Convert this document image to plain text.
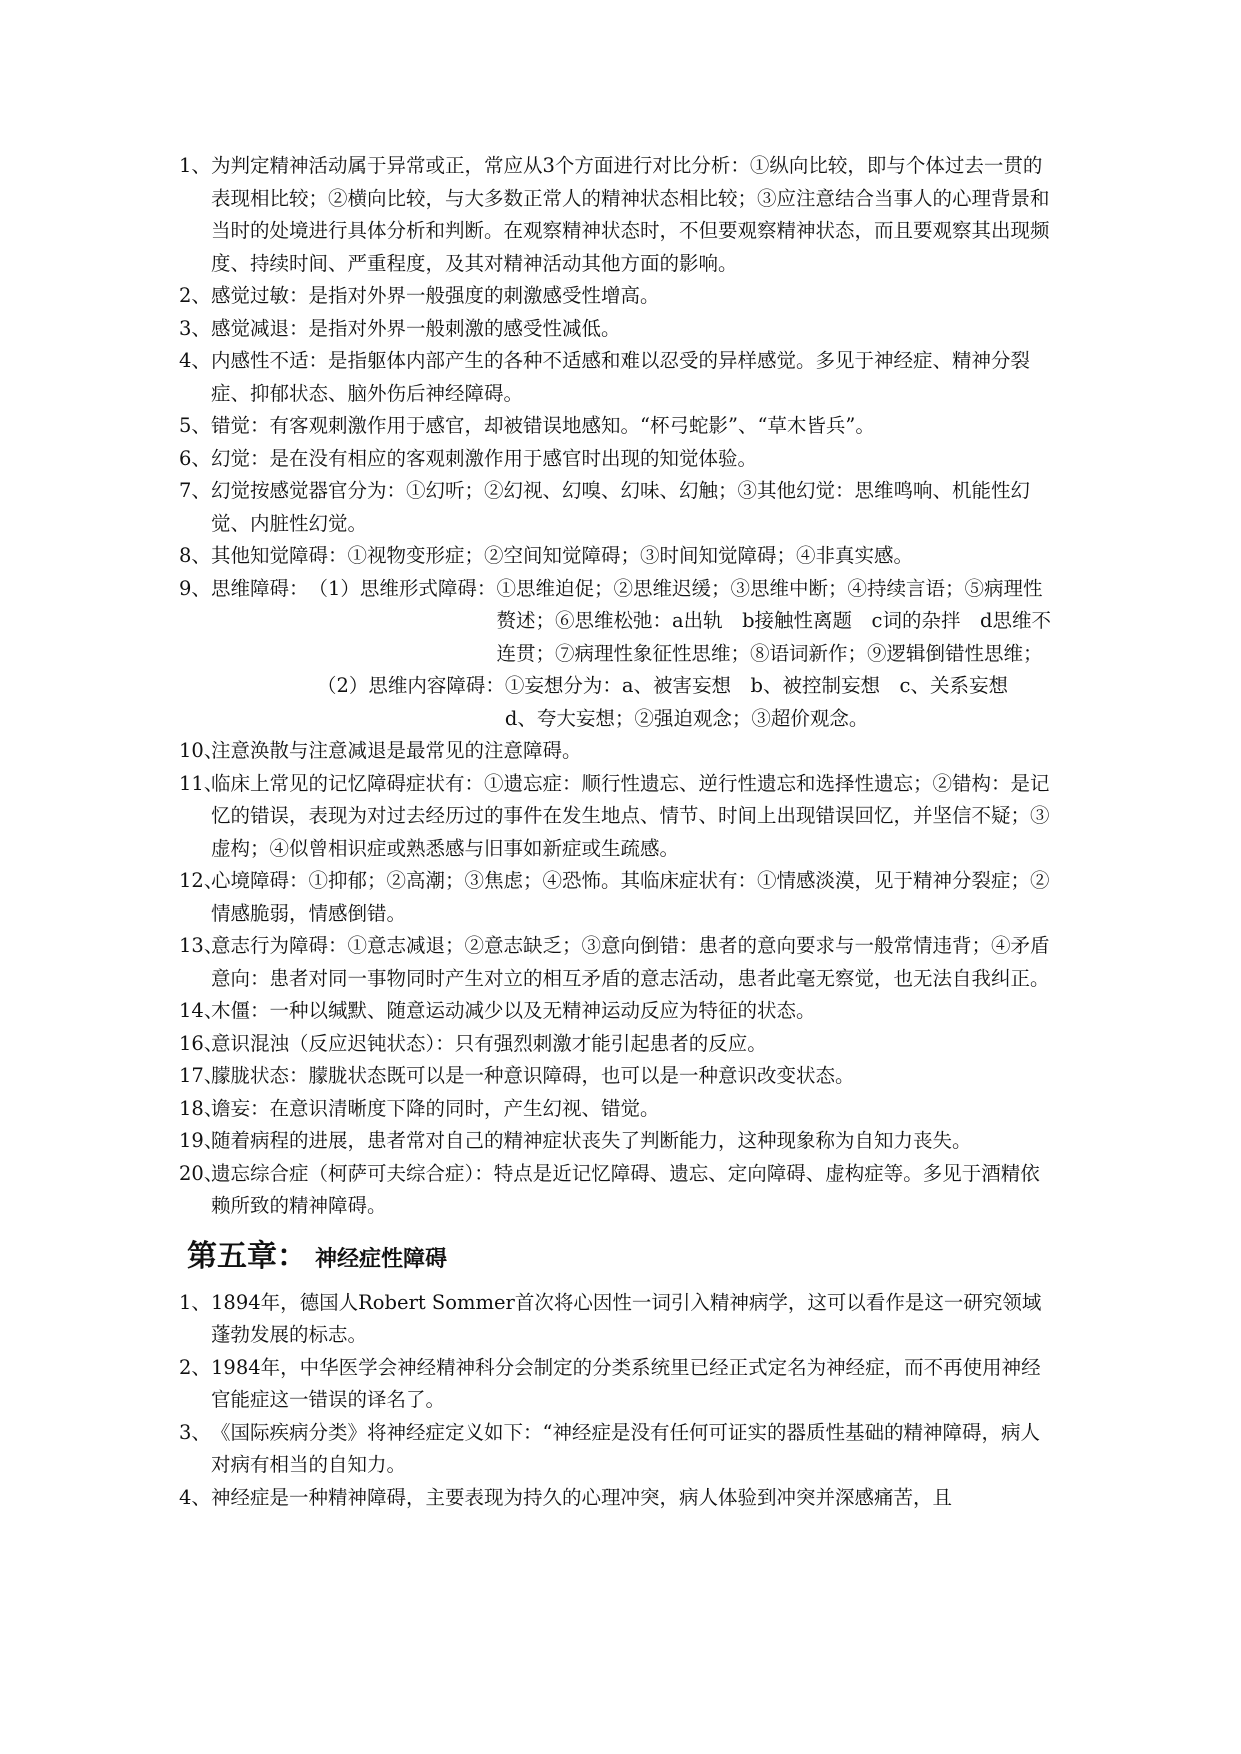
1、 为判定精神活动属于异常或正，常应从3个方面进行对比分析：①纵向比较，即与个体过去一贯的表现相比较；②横向比较，与大多数正常人的精神状态相比较；③应注意结合当事人的心理背景和当时的处境进行具体分析和判断。在观察精神状态时，不但要观察精神状态，而且要观察其出现频度、持续时间、严重程度，及其对精神活动其他方面的影响。

2、 感觉过敏：是指对外界一般强度的刺激感受性增高。

3、 感觉减退：是指对外界一般刺激的感受性减低。

4、 内感性不适：是指躯体内部产生的各种不适感和难以忍受的异样感觉。多见于神经症、精神分裂症、抑郁状态、脑外伤后神经障碍。

5、 错觉：有客观刺激作用于感官，却被错误地感知。“杯弓蛇影”、“草木皆兵”。

6、 幻觉：是在没有相应的客观刺激作用于感官时出现的知觉体验。

7、 幻觉按感觉器官分为：①幻听；②幻视、幻嗅、幻味、幻触；③其他幻觉：思维鸣响、机能性幻觉、内脏性幻觉。

8、 其他知觉障碍：①视物变形症；②空间知觉障碍；③时间知觉障碍；④非真实感。

9、 思维障碍： （1）思维形式障碍： ①思维迫促；②思维迟缓；③思维中断；④持续言语；⑤病理性赘述；⑥思维松弛：a出轨　b接触性离题　c词的杂拌　d思维不连贯；⑦病理性象征性思维；⑧语词新作；⑨逻辑倒错性思维；
（2）思维内容障碍： ①妄想分为：a、被害妄想　b、被控制妄想　c、关系妄想　d、夸大妄想；②强迫观念；③超价观念。

10、
注意涣散与注意减退是最常见的注意障碍。

11、
临床上常见的记忆障碍症状有：①遗忘症：顺行性遗忘、逆行性遗忘和选择性遗忘；②错构：是记忆的错误，表现为对过去经历过的事件在发生地点、情节、时间上出现错误回忆，并坚信不疑；③虚构；④似曾相识症或熟悉感与旧事如新症或生疏感。

12、
心境障碍：①抑郁；②高潮；③焦虑；④恐怖。其临床症状有：①情感淡漠，见于精神分裂症；②情感脆弱，情感倒错。

13、
意志行为障碍：①意志减退；②意志缺乏；③意向倒错：患者的意向要求与一般常情违背；④矛盾意向：患者对同一事物同时产生对立的相互矛盾的意志活动，患者此毫无察觉，也无法自我纠正。

14、
木僵：一种以缄默、随意运动减少以及无精神运动反应为特征的状态。

16、
意识混浊（反应迟钝状态）：只有强烈刺激才能引起患者的反应。

17、
朦胧状态：朦胧状态既可以是一种意识障碍，也可以是一种意识改变状态。

18、
谵妄：在意识清晰度下降的同时，产生幻视、错觉。

19、
随着病程的进展，患者常对自己的精神症状丧失了判断能力，这种现象称为自知力丧失。

20、
遗忘综合症（柯萨可夫综合症）：特点是近记忆障碍、遗忘、定向障碍、虚构症等。多见于酒精依赖所致的精神障碍。

第五章： 神经症性障碍

1、 1894年，德国人Robert Sommer首次将心因性一词引入精神病学，这可以看作是这一研究领域蓬勃发展的标志。

2、 1984年，中华医学会神经精神科分会制定的分类系统里已经正式定名为神经症，而不再使用神经官能症这一错误的译名了。

3、 《国际疾病分类》将神经症定义如下：“神经症是没有任何可证实的器质性基础的精神障碍，病人对病有相当的自知力。

4、 神经症是一种精神障碍，主要表现为持久的心理冲突，病人体验到冲突并深感痛苦，且
